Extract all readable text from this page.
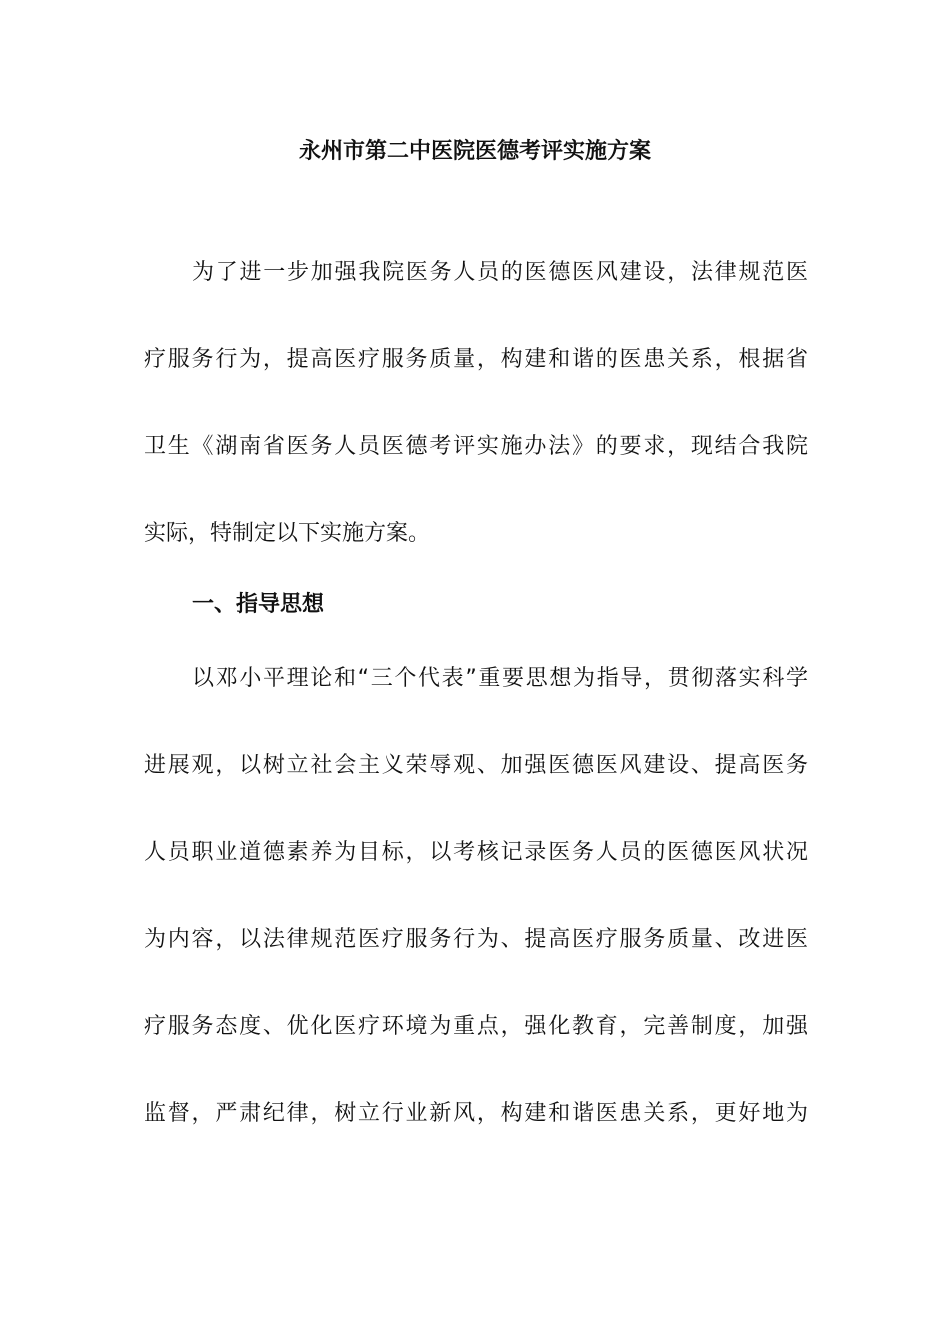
永州市第二中医院医德考评实施方案
为了进一步加强我院医务人员的医德医风建设，法律规范医
疗服务行为，提高医疗服务质量，构建和谐的医患关系，根据省
卫生《湖南省医务人员医德考评实施办法》的要求，现结合我院
实际，特制定以下实施方案。
一、指导思想
以邓小平理论和“三个代表”重要思想为指导，贯彻落实科学
进展观，以树立社会主义荣辱观、加强医德医风建设、提高医务
人员职业道德素养为目标，以考核记录医务人员的医德医风状况
为内容，以法律规范医疗服务行为、提高医疗服务质量、改进医
疗服务态度、优化医疗环境为重点，强化教育，完善制度，加强
监督，严肃纪律，树立行业新风，构建和谐医患关系，更好地为
